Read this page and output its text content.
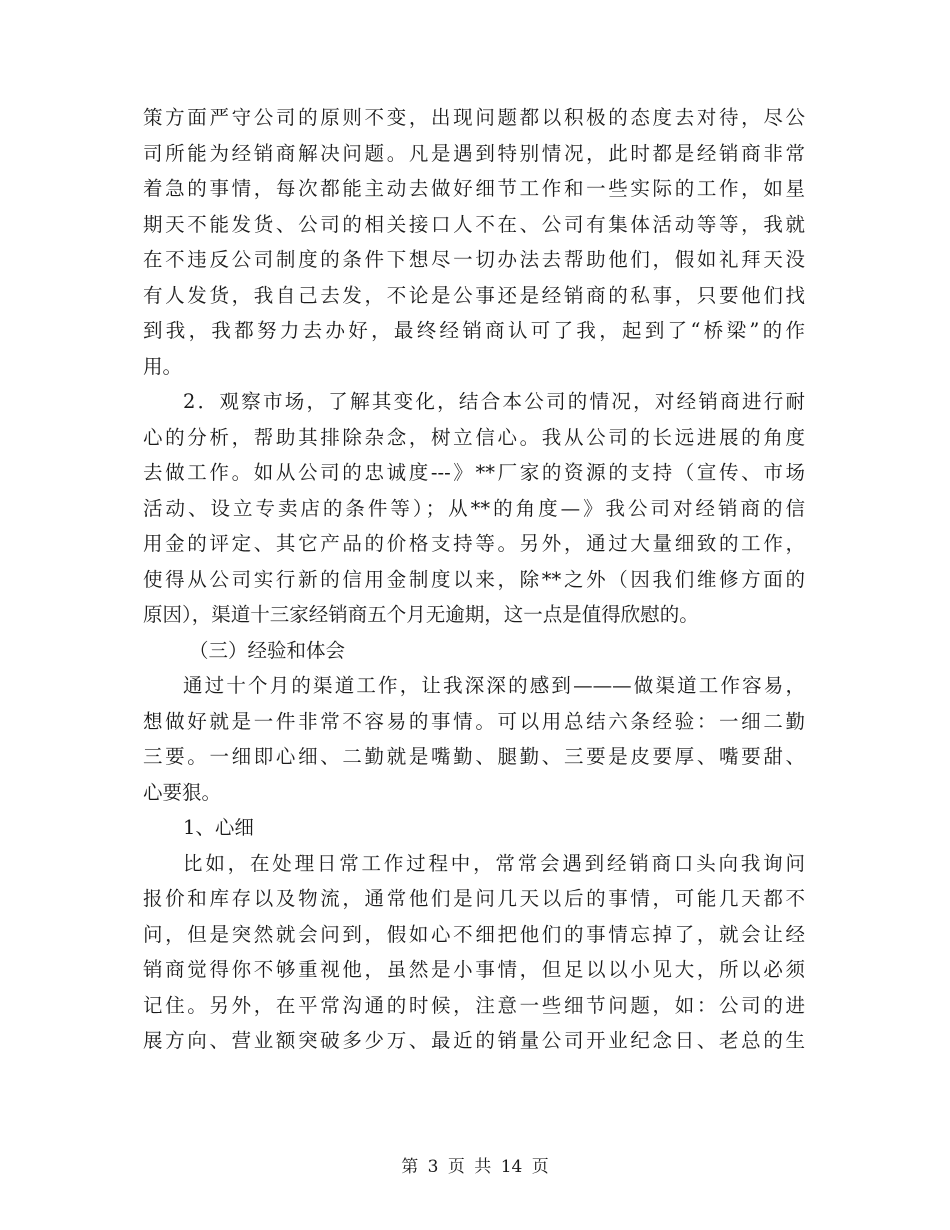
策方面严守公司的原则不变，出现问题都以积极的态度去对待，尽公
司所能为经销商解决问题。凡是遇到特别情况，此时都是经销商非常
着急的事情，每次都能主动去做好细节工作和一些实际的工作，如星
期天不能发货、公司的相关接口人不在、公司有集体活动等等，我就
在不违反公司制度的条件下想尽一切办法去帮助他们，假如礼拜天没
有人发货，我自己去发，不论是公事还是经销商的私事，只要他们找
到我，我都努力去办好，最终经销商认可了我，起到了“桥梁”的作
用。
2．观察市场，了解其变化，结合本公司的情况，对经销商进行耐
心的分析，帮助其排除杂念，树立信心。我从公司的长远进展的角度
去做工作。如从公司的忠诚度---》**厂家的资源的支持（宣传、市场
活动、设立专卖店的条件等）；从**的角度—》我公司对经销商的信
用金的评定、其它产品的价格支持等。另外，通过大量细致的工作，
使得从公司实行新的信用金制度以来，除**之外（因我们维修方面的
原因），渠道十三家经销商五个月无逾期，这一点是值得欣慰的。
（三）经验和体会
通过十个月的渠道工作，让我深深的感到———做渠道工作容易，
想做好就是一件非常不容易的事情。可以用总结六条经验：一细二勤
三要。一细即心细、二勤就是嘴勤、腿勤、三要是皮要厚、嘴要甜、
心要狠。
1、心细
比如，在处理日常工作过程中，常常会遇到经销商口头向我询问
报价和库存以及物流，通常他们是问几天以后的事情，可能几天都不
问，但是突然就会问到，假如心不细把他们的事情忘掉了，就会让经
销商觉得你不够重视他，虽然是小事情，但足以以小见大，所以必须
记住。另外，在平常沟通的时候，注意一些细节问题，如：公司的进
展方向、营业额突破多少万、最近的销量公司开业纪念日、老总的生
第 3 页 共 14 页
